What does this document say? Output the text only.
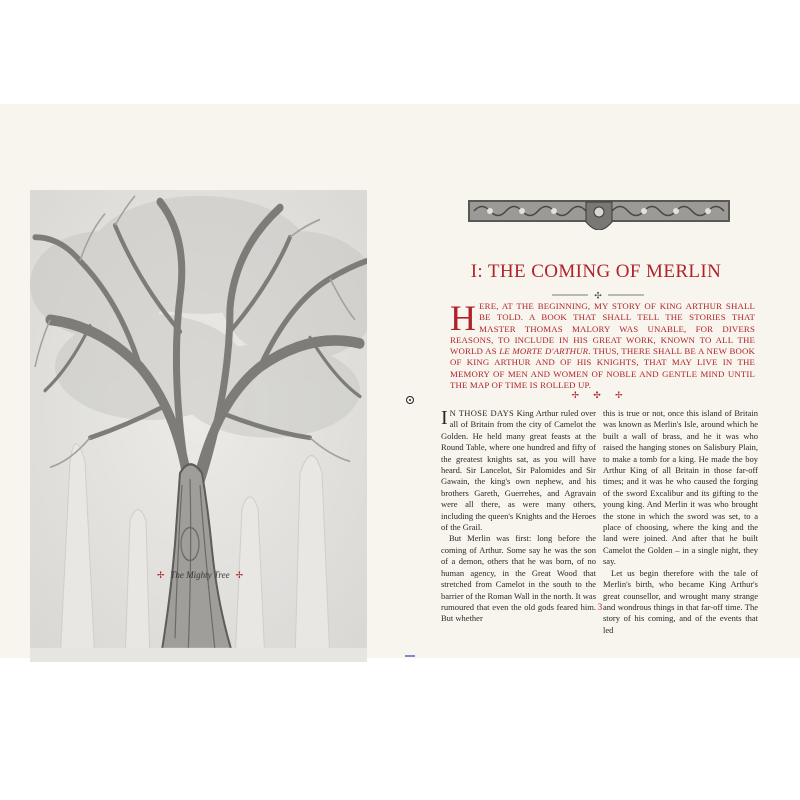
✢ The Mighty Tree ✢
I: THE COMING OF MERLIN
✣
HERE, AT THE BEGINNING, MY STORY OF KING ARTHUR SHALL BE TOLD. A BOOK THAT SHALL TELL THE STORIES THAT MASTER THOMAS MALORY WAS UNABLE, FOR DIVERS REASONS, TO INCLUDE IN HIS GREAT WORK, KNOWN TO ALL THE WORLD AS LE MORTE D'ARTHUR. THUS, THERE SHALL BE A NEW BOOK OF KING ARTHUR AND OF HIS KNIGHTS, THAT MAY LIVE IN THE MEMORY OF MEN AND WOMEN OF NOBLE AND GENTLE MIND UNTIL THE MAP OF TIME IS ROLLED UP.
✢ ✣ ✢

I N THOSE DAYS King Arthur ruled over all of Britain from the city of Camelot the Golden. He held many great feasts at the Round Table, where one hundred and fifty of the greatest knights sat, as you will have heard. Sir Lancelot, Sir Palomides and Sir Gawain, the king's own nephew, and his brothers Gareth, Guerrehes, and Agravain were all there, as were many others, including the queen's Knights and the Heroes of the Grail.

But Merlin was first: long before the coming of Arthur. Some say he was the son of a demon, others that he was born, of no human agency, in the Great Wood that stretched from Camelot in the south to the barrier of the Roman Wall in the north. It was rumoured that even the old gods feared him. But whether

this is true or not, once this island of Britain was known as Merlin's Isle, around which he built a wall of brass, and he it was who raised the hanging stones on Salisbury Plain, to make a tomb for a king. He made the boy Arthur King of all Britain in those far-off times; and it was he who caused the forging of the sword Excalibur and its gifting to the young king. And Merlin it was who brought the stone in which the sword was set, to a place of choosing, where the king and the land were joined. And after that he built Camelot the Golden – in a single night, they say.

Let us begin therefore with the tale of Merlin's birth, who became King Arthur's great counsellor, and wrought many strange and wondrous things in that far-off time. The story of his coming, and of the events that led

3
